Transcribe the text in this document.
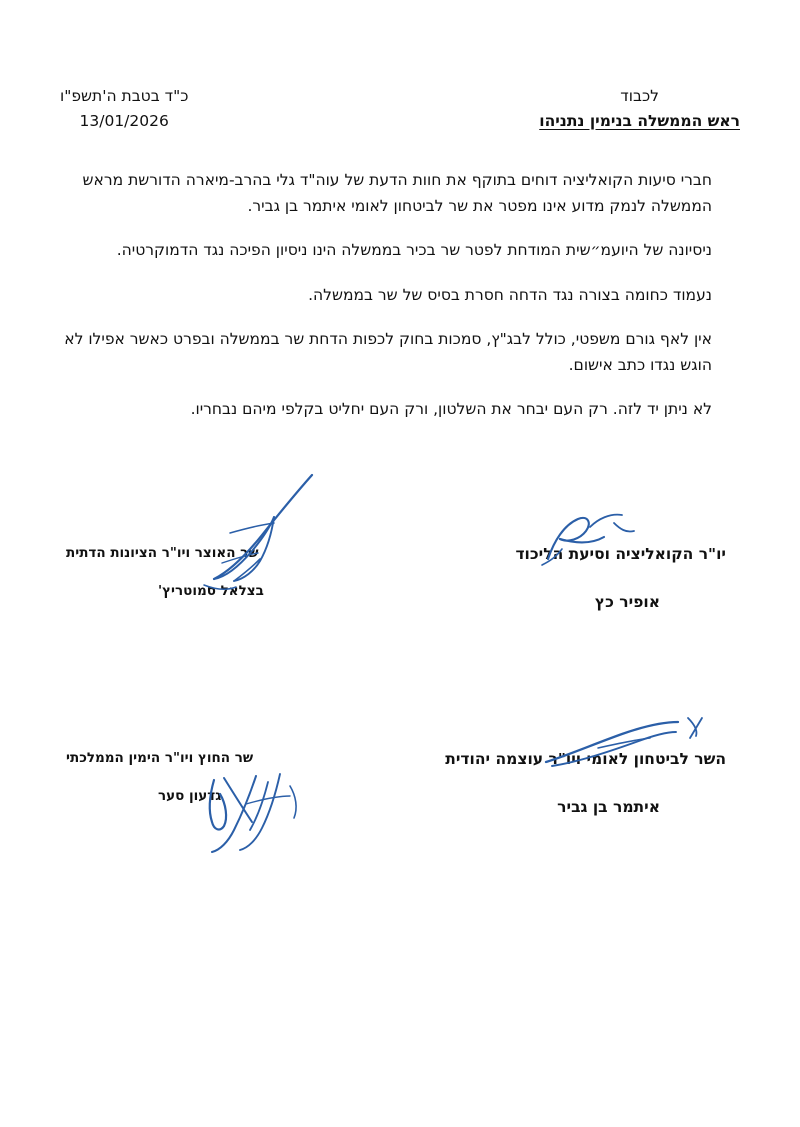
כ"ד בטבת ה'תשפ"ו
13/01/2026
לכבוד
ראש הממשלה בנימין נתניהו

חברי סיעות הקואליציה דוחים בתוקף את חוות הדעת של עוה"ד גלי בהרב-מיארה הדורשת מראש הממשלה לנמק מדוע אינו מפטר את שר לביטחון לאומי איתמר בן גביר.

ניסיונה של היועמ״שית המודחת לפטר שר בכיר בממשלה הינו ניסיון הפיכה נגד הדמוקרטיה.

נעמוד כחומה בצורה נגד הדחה חסרת בסיס של שר בממשלה.

אין לאף גורם משפטי, כולל לבג"ץ, סמכות בחוק לכפות הדחת שר בממשלה ובפרט כאשר אפילו לא הוגש נגדו כתב אישום.

לא ניתן יד לזה. רק העם יבחר את השלטון, ורק העם יחליט בקלפי מיהם נבחריו.

יו"ר הקואליציה וסיעת הליכוד
אופיר כץ
שר האוצר ויו"ר הציונות הדתית
בצלאל סמוטריץ'
השר לביטחון לאומי ויו"ר עוצמה יהודית
איתמר בן גביר
שר החוץ ויו"ר הימין הממלכתי
גדעון סער
